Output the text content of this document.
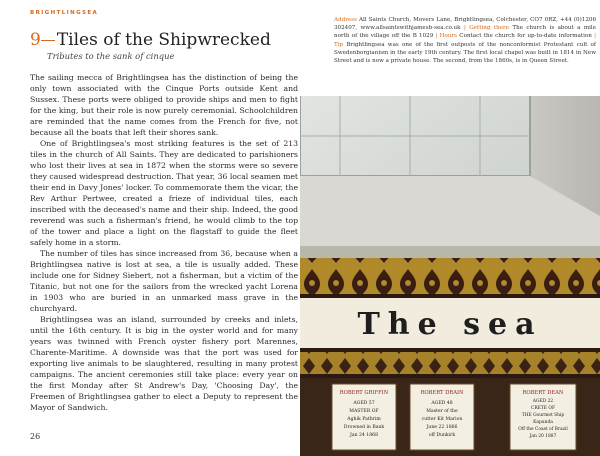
BRIGHTLINGSEA
9 Tiles of the Shipwrecked
Tributes to the sank of cinque

The sailing mecca of Brightlingsea has the distinction of being the only town associated with the Cinque Ports outside Kent and Sussex. These ports were obliged to provide ships and men to fight for the king, but their role is now purely ceremonial. Schoolchildren are reminded that the name comes from the French for five, not because all the boats that left their shores sank.

One of Brightlingsea's most striking features is the set of 213 tiles in the church of All Saints. They are dedicated to parishioners who lost their lives at sea in 1872 when the storms were so severe they caused widespread destruction. That year, 36 local seamen met their end in Davy Jones' locker. To commemorate them the vicar, the Rev Arthur Pertwee, created a frieze of individual tiles, each inscribed with the deceased's name and their ship. Indeed, the good reverend was such a fisherman's friend, he would climb to the top of the tower and place a light on the flagstaff to guide the fleet safely home in a storm.

The number of tiles has since increased from 36, because when a Brightlingsea native is lost at sea, a tile is usually added. These include one for Sidney Siebert, not a fisherman, but a victim of the Titanic, but not one for the sailors from the wrecked yacht Lorena in 1903 who are buried in an unmarked mass grave in the churchyard.

Brightlingsea was an island, surrounded by creeks and inlets, until the 16th century. It is big in the oyster world and for many years was twinned with French oyster fishery port Marennes, Charente-Maritime. A downside was that the port was used for exporting live animals to be slaughtered, resulting in many protest campaigns. The ancient ceremonies still take place: every year on the first Monday after St Andrew's Day, 'Choosing Day', the Freemen of Brightlingsea gather to elect a Deputy to represent the Mayor of Sandwich.

26
The sea
ROBERT GRIFFIN
AGED 57
MASTER OF
Aghik Pathrim
Drowned in Bank
Jan 24 1868
ROBERT DRAIN
AGED 48
Master of the
cutter Kit Marion
June 22 1866
off Dunkirk
ROBERT DEAN
AGED 22
CRETE OF
THE Gourmet Ship
Kapunda
Off the Coast of Brazil
Jan 20 1887
Address All Saints Church, Movers Lane, Brightlingsea, Colchester, CO7 0RZ, +44 (0)1206 302407, www.allsaintswithjamesb-sea.co.uk | Getting there The church is about a mile north of the village off the B 1029 | Hours Contact the church for up-to-date information | Tip Brightlingsea was one of the first outposts of the nonconformist Protestant cult of Swedenborgianism in the early 19th century. The first local chapel was built in 1814 in New Street and is now a private house. The second, from the 1860s, is in Queen Street.
